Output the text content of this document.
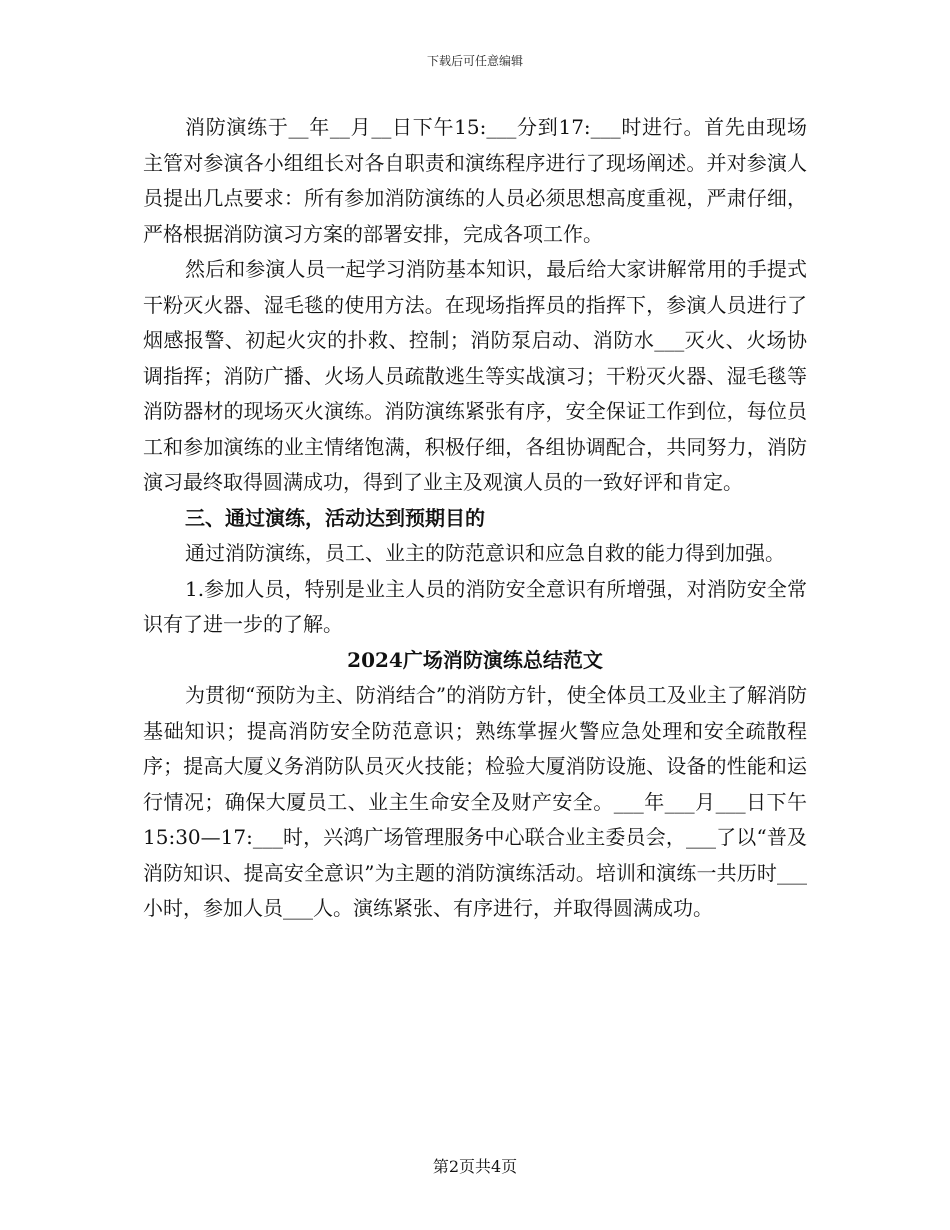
下载后可任意编辑

消防演练于__年__月__日下午15:___分到17:___时进行。首先由现场主管对参演各小组组长对各自职责和演练程序进行了现场阐述。并对参演人员提出几点要求：所有参加消防演练的人员必须思想高度重视，严肃仔细，严格根据消防演习方案的部署安排，完成各项工作。

然后和参演人员一起学习消防基本知识，最后给大家讲解常用的手提式干粉灭火器、湿毛毯的使用方法。在现场指挥员的指挥下，参演人员进行了烟感报警、初起火灾的扑救、控制；消防泵启动、消防水___灭火、火场协调指挥；消防广播、火场人员疏散逃生等实战演习；干粉灭火器、湿毛毯等消防器材的现场灭火演练。消防演练紧张有序，安全保证工作到位，每位员工和参加演练的业主情绪饱满，积极仔细，各组协调配合，共同努力，消防演习最终取得圆满成功，得到了业主及观演人员的一致好评和肯定。

三、通过演练，活动达到预期目的

通过消防演练，员工、业主的防范意识和应急自救的能力得到加强。

1.参加人员，特别是业主人员的消防安全意识有所增强，对消防安全常识有了进一步的了解。

2024广场消防演练总结范文

为贯彻“预防为主、防消结合”的消防方针，使全体员工及业主了解消防基础知识；提高消防安全防范意识；熟练掌握火警应急处理和安全疏散程序；提高大厦义务消防队员灭火技能；检验大厦消防设施、设备的性能和运行情况；确保大厦员工、业主生命安全及财产安全。___年___月___日下午15:30—17:___时，兴鸿广场管理服务中心联合业主委员会，___了以“普及消防知识、提高安全意识”为主题的消防演练活动。培训和演练一共历时___小时，参加人员___人。演练紧张、有序进行，并取得圆满成功。

第2页共4页
